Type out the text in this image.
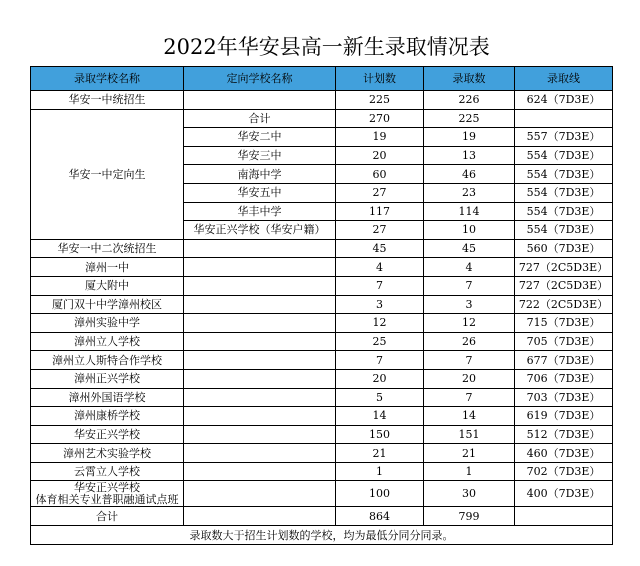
2022年华安县高一新生录取情况表
录取学校名称	定向学校名称	计划数	录取数	录取线
华安一中统招生		225	226	624（7D3E）
华安一中定向生	合计	270	225	
	华安二中	19	19	557（7D3E）
	华安三中	20	13	554（7D3E）
	南海中学	60	46	554（7D3E）
	华安五中	27	23	554（7D3E）
	华丰中学	117	114	554（7D3E）
	华安正兴学校（华安户籍）	27	10	554（7D3E）
华安一中二次统招生		45	45	560（7D3E）
漳州一中		4	4	727（2C5D3E）
厦大附中		7	7	727（2C5D3E）
厦门双十中学漳州校区		3	3	722（2C5D3E）
漳州实验中学		12	12	715（7D3E）
漳州立人学校		25	26	705（7D3E）
漳州立人斯特合作学校		7	7	677（7D3E）
漳州正兴学校		20	20	706（7D3E）
漳州外国语学校		5	7	703（7D3E）
漳州康桥学校		14	14	619（7D3E）
华安正兴学校		150	151	512（7D3E）
漳州艺术实验学校		21	21	460（7D3E）
云霄立人学校		1	1	702（7D3E）

华安正兴学校
体育相关专业普职融通试点班		100	30	400（7D3E）
合计		864	799	
录取数大于招生计划数的学校，均为最低分同分同录。				
